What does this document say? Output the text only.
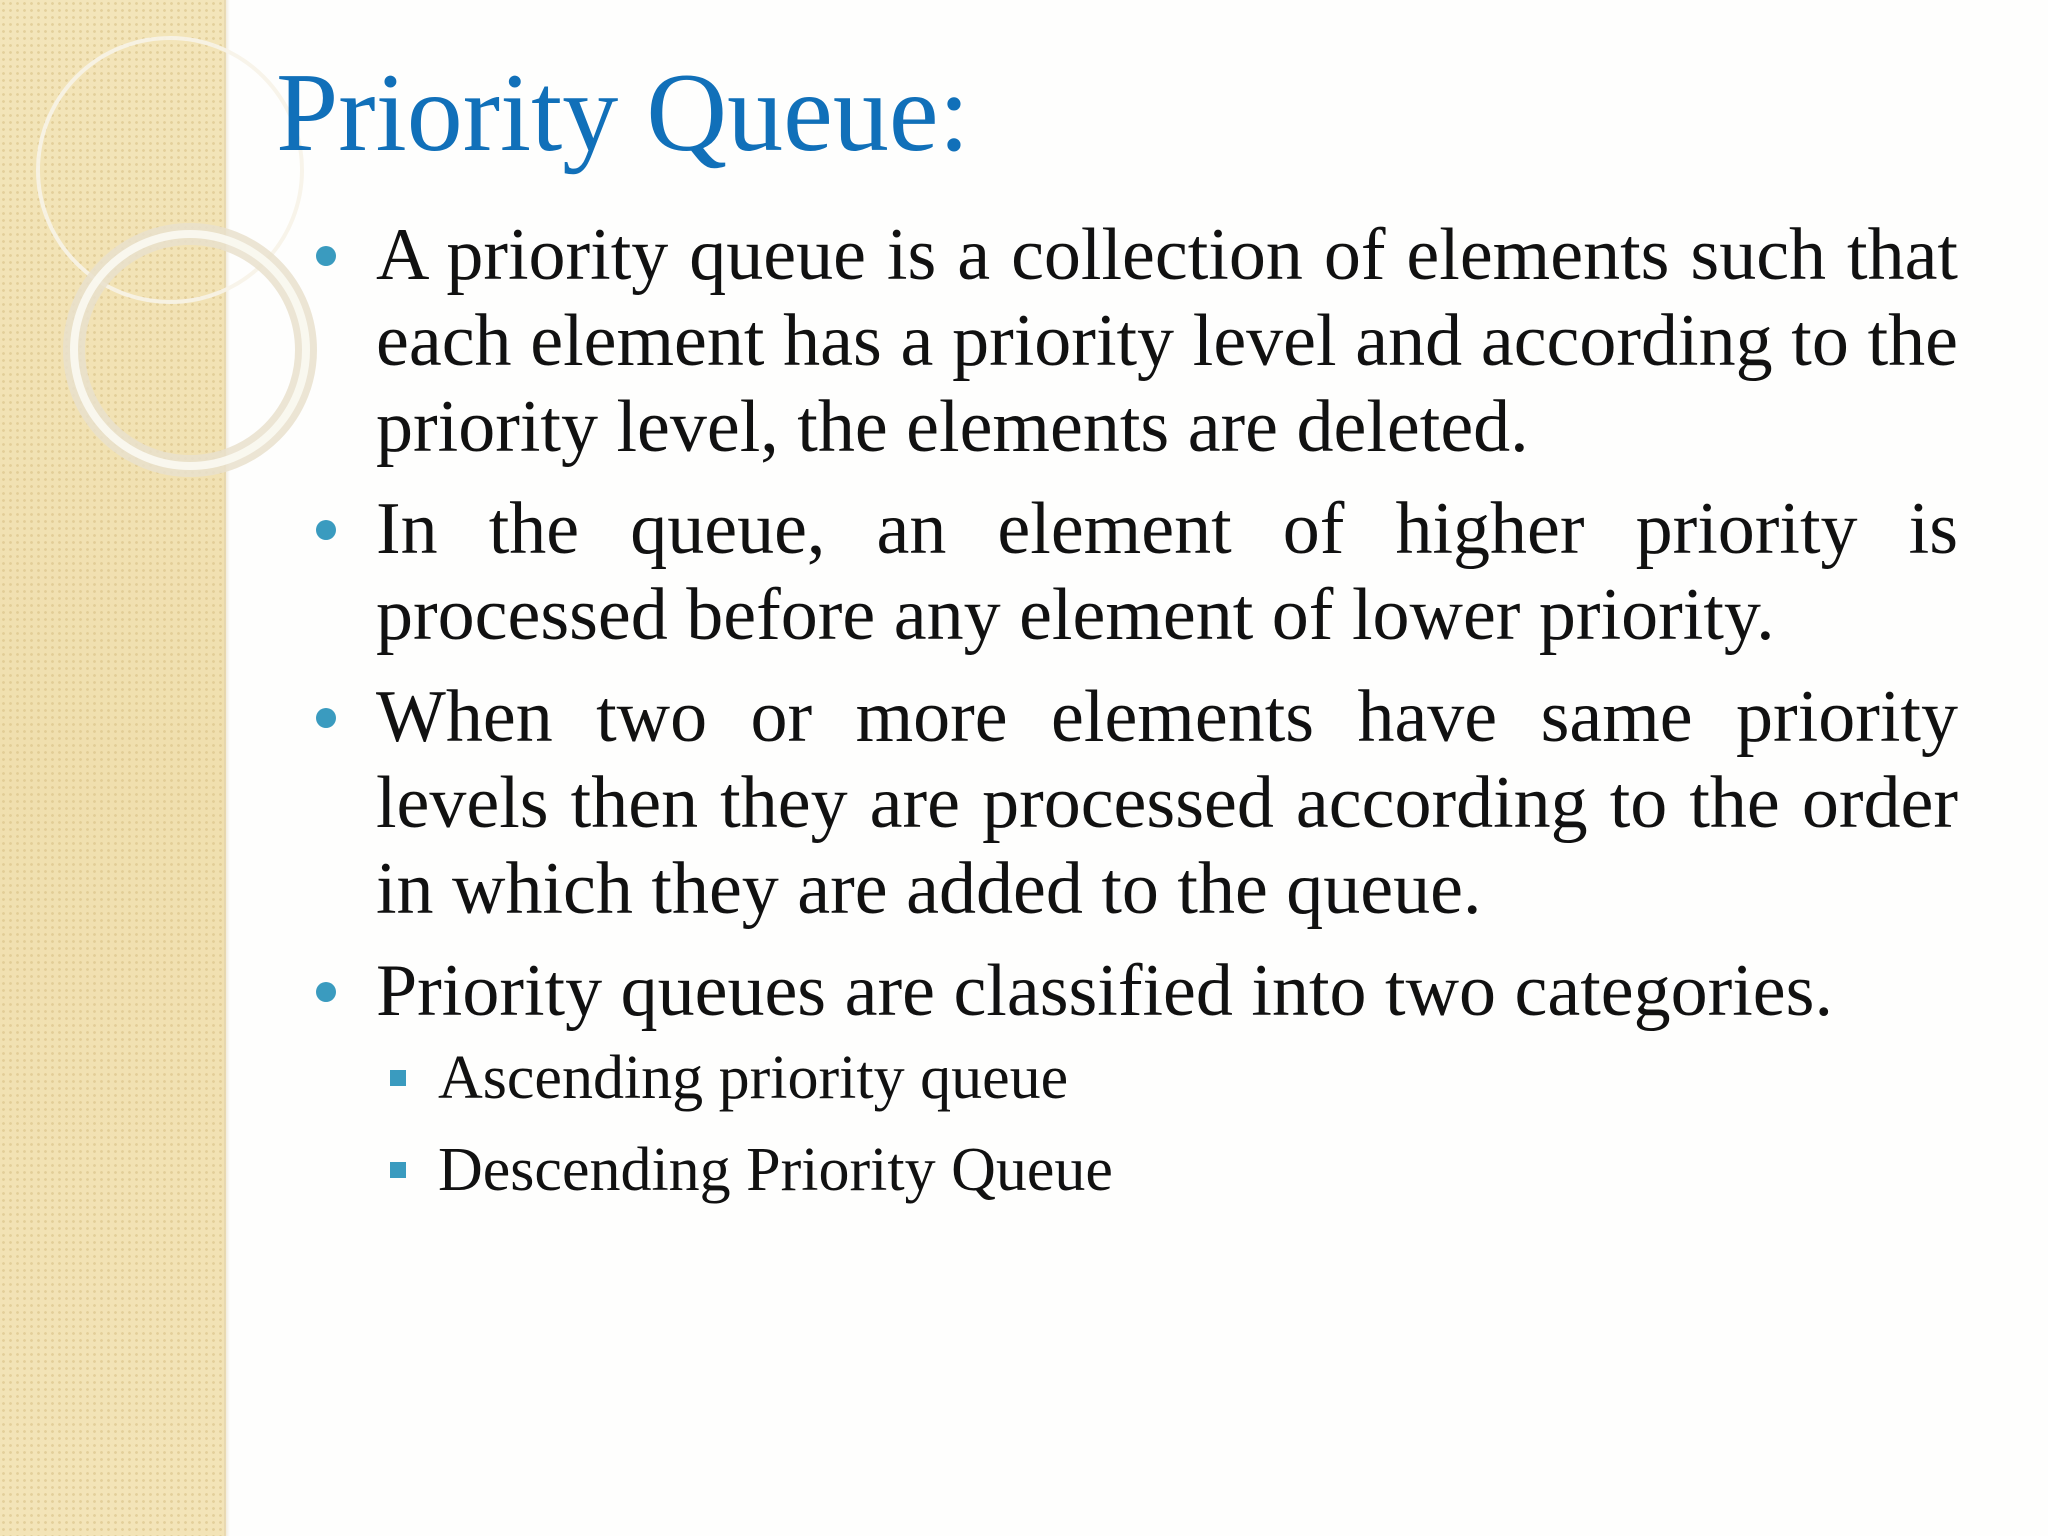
Priority Queue:
A priority queue is a collection of elements such that each element has a priority level and according to the priority level, the elements are deleted.
In the queue, an element of higher priority is processed before any element of lower priority.
When two or more elements have same priority levels then they are processed according to the order in which they are added to the queue.
Priority queues are classified into two categories.
Ascending priority queue
Descending Priority Queue
